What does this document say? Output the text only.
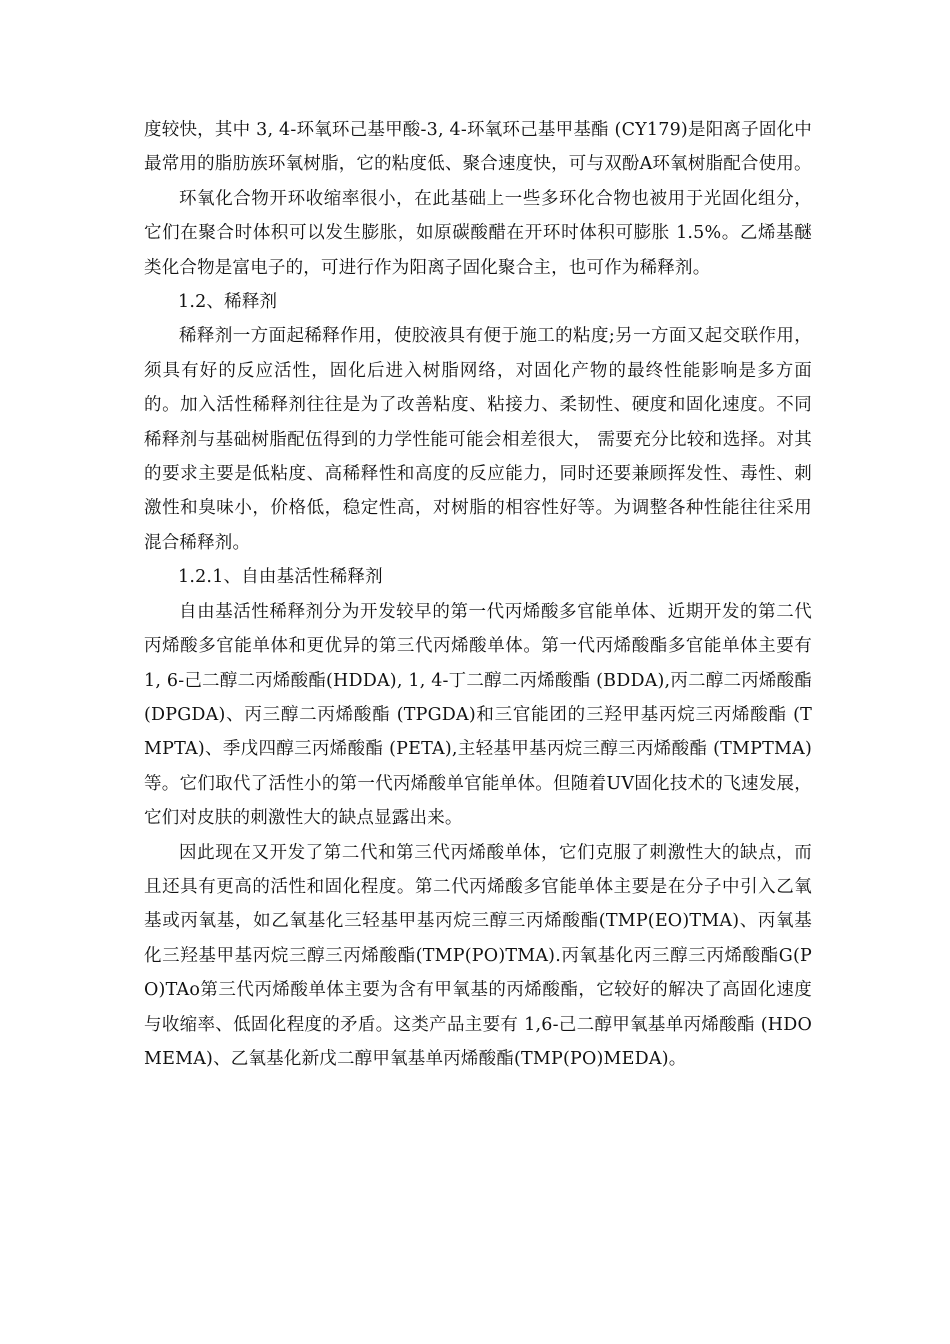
度较快，其中 3, 4-环氧环己基甲酸-3, 4-环氧环己基甲基酯 (CY179)是阳离子固化中最常用的脂肪族环氧树脂，它的粘度低、聚合速度快，可与双酚A环氧树脂配合使用。

环氧化合物开环收缩率很小，在此基础上一些多环化合物也被用于光固化组分，它们在聚合时体积可以发生膨胀，如原碳酸醋在开环时体积可膨胀 1.5%。乙烯基醚类化合物是富电子的，可进行作为阳离子固化聚合主，也可作为稀释剂。

1.2、稀释剂

稀释剂一方面起稀释作用，使胶液具有便于施工的粘度;另一方面又起交联作用，须具有好的反应活性，固化后进入树脂网络，对固化产物的最终性能影响是多方面的。加入活性稀释剂往往是为了改善粘度、粘接力、柔韧性、硬度和固化速度。不同稀释剂与基础树脂配伍得到的力学性能可能会相差很大， 需要充分比较和选择。对其的要求主要是低粘度、高稀释性和高度的反应能力，同时还要兼顾挥发性、毒性、刺激性和臭味小，价格低，稳定性高，对树脂的相容性好等。为调整各种性能往往采用混合稀释剂。

1.2.1、自由基活性稀释剂

自由基活性稀释剂分为开发较早的第一代丙烯酸多官能单体、近期开发的第二代丙烯酸多官能单体和更优异的第三代丙烯酸单体。第一代丙烯酸酯多官能单体主要有 1, 6-己二醇二丙烯酸酯(HDDA), 1, 4-丁二醇二丙烯酸酯 (BDDA),丙二醇二丙烯酸酯 (DPGDA)、丙三醇二丙烯酸酯 (TPGDA)和三官能团的三羟甲基丙烷三丙烯酸酯 (TMPTA)、季戊四醇三丙烯酸酯 (PETA),主轻基甲基丙烷三醇三丙烯酸酯 (TMPTMA)等。它们取代了活性小的第一代丙烯酸单官能单体。但随着UV固化技术的飞速发展，它们对皮肤的刺激性大的缺点显露出来。

因此现在又开发了第二代和第三代丙烯酸单体，它们克服了刺激性大的缺点，而且还具有更高的活性和固化程度。第二代丙烯酸多官能单体主要是在分子中引入乙氧基或丙氧基，如乙氧基化三轻基甲基丙烷三醇三丙烯酸酯(TMP(EO)TMA)、丙氧基化三羟基甲基丙烷三醇三丙烯酸酯(TMP(PO)TMA).丙氧基化丙三醇三丙烯酸酯G(PO)TAo第三代丙烯酸单体主要为含有甲氧基的丙烯酸酯，它较好的解决了高固化速度与收缩率、低固化程度的矛盾。这类产品主要有 1,6-己二醇甲氧基单丙烯酸酯 (HDOMEMA)、乙氧基化新戊二醇甲氧基单丙烯酸酯(TMP(PO)MEDA)。
